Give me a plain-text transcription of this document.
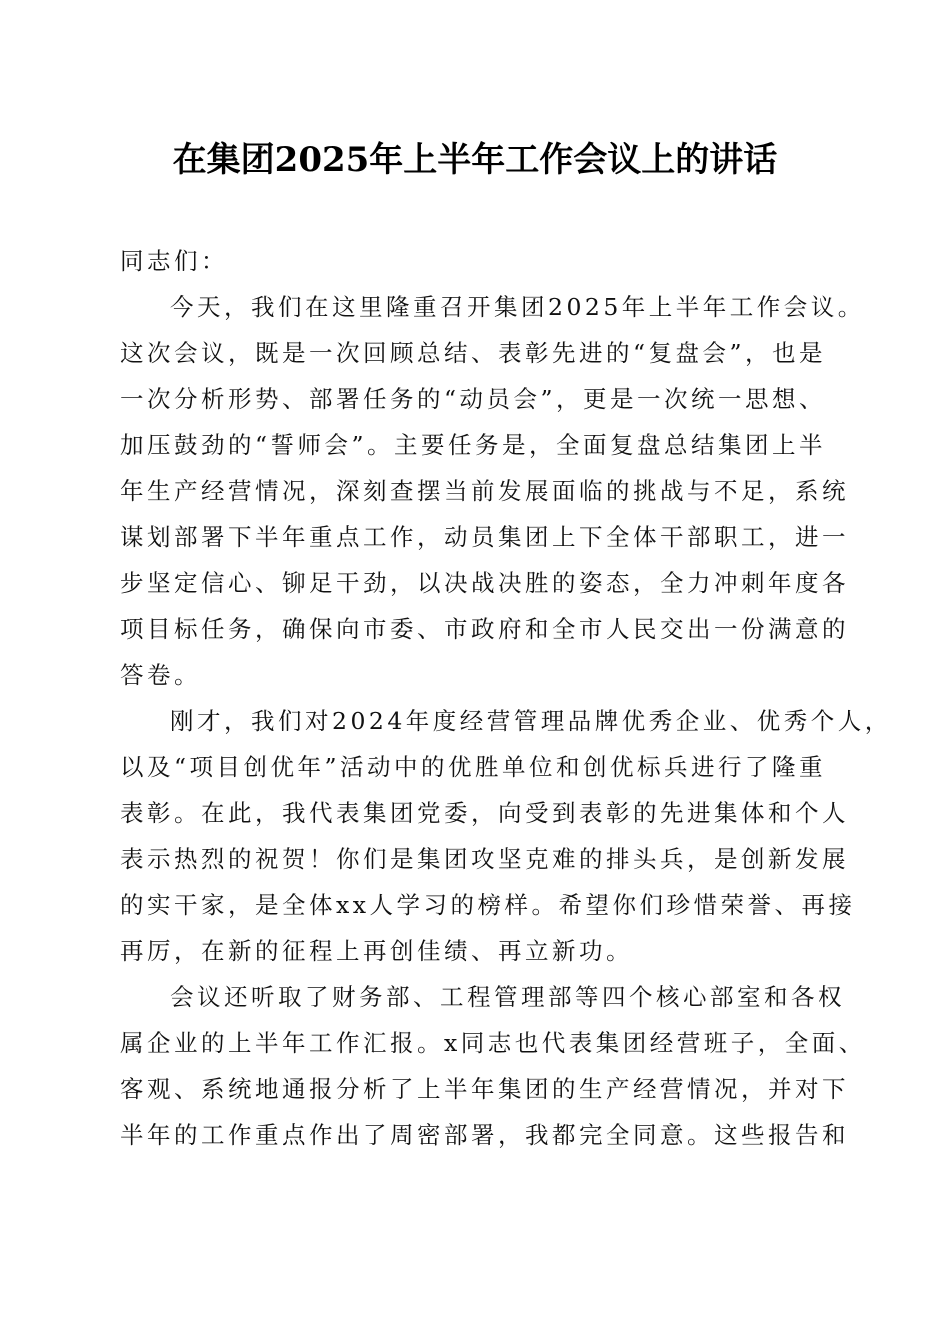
在集团2025年上半年工作会议上的讲话
同志们：
今天，我们在这里隆重召开集团2025年上半年工作会议。
这次会议，既是一次回顾总结、表彰先进的“复盘会”，也是
一次分析形势、部署任务的“动员会”，更是一次统一思想、
加压鼓劲的“誓师会”。主要任务是，全面复盘总结集团上半
年生产经营情况，深刻查摆当前发展面临的挑战与不足，系统
谋划部署下半年重点工作，动员集团上下全体干部职工，进一
步坚定信心、铆足干劲，以决战决胜的姿态，全力冲刺年度各
项目标任务，确保向市委、市政府和全市人民交出一份满意的
答卷。
刚才，我们对2024年度经营管理品牌优秀企业、优秀个人，
以及“项目创优年”活动中的优胜单位和创优标兵进行了隆重
表彰。在此，我代表集团党委，向受到表彰的先进集体和个人
表示热烈的祝贺！你们是集团攻坚克难的排头兵，是创新发展
的实干家，是全体xx人学习的榜样。希望你们珍惜荣誉、再接
再厉，在新的征程上再创佳绩、再立新功。
会议还听取了财务部、工程管理部等四个核心部室和各权
属企业的上半年工作汇报。x同志也代表集团经营班子，全面、
客观、系统地通报分析了上半年集团的生产经营情况，并对下
半年的工作重点作出了周密部署，我都完全同意。这些报告和
